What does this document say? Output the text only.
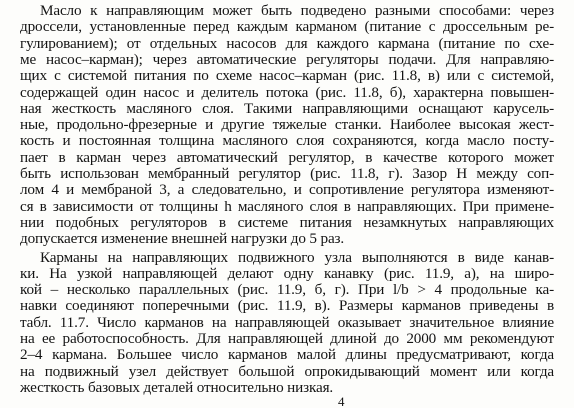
Масло к направляющим может быть подведено разными способами: через
дроссели, установленные перед каждым карманом (питание с дроссельным ре-
гулированием); от отдельных насосов для каждого кармана (питание по схе-
ме насос–карман); через автоматические регуляторы подачи. Для направляю-
щих с системой питания по схеме насос–карман (рис. 11.8, в) или с системой,
содержащей один насос и делитель потока (рис. 11.8, б), характерна повышен-
ная жесткость масляного слоя. Такими направляющими оснащают карусель-
ные, продольно-фрезерные и другие тяжелые станки. Наиболее высокая жест-
кость и постоянная толщина масляного слоя сохраняются, когда масло посту-
пает в карман через автоматический регулятор, в качестве которого может
быть использован мембранный регулятор (рис. 11.8, г). Зазор H между соп-
лом 4 и мембраной 3, а следовательно, и сопротивление регулятора изменяют-
ся в зависимости от толщины h масляного слоя в направляющих. При примене-
нии подобных регуляторов в системе питания незамкнутых направляющих
допускается изменение внешней нагрузки до 5 раз.
Карманы на направляющих подвижного узла выполняются в виде канав-
ки. На узкой направляющей делают одну канавку (рис. 11.9, а), на широ-
кой – несколько параллельных (рис. 11.9, б, г). При l/b > 4 продольные ка-
навки соединяют поперечными (рис. 11.9, в). Размеры карманов приведены в
табл. 11.7. Число карманов на направляющей оказывает значительное влияние
на ее работоспособность. Для направляющей длиной до 2000 мм рекомендуют
2–4 кармана. Большее число карманов малой длины предусматривают, когда
на подвижный узел действует большой опрокидывающий момент или когда
жесткость базовых деталей относительно низкая.
4
